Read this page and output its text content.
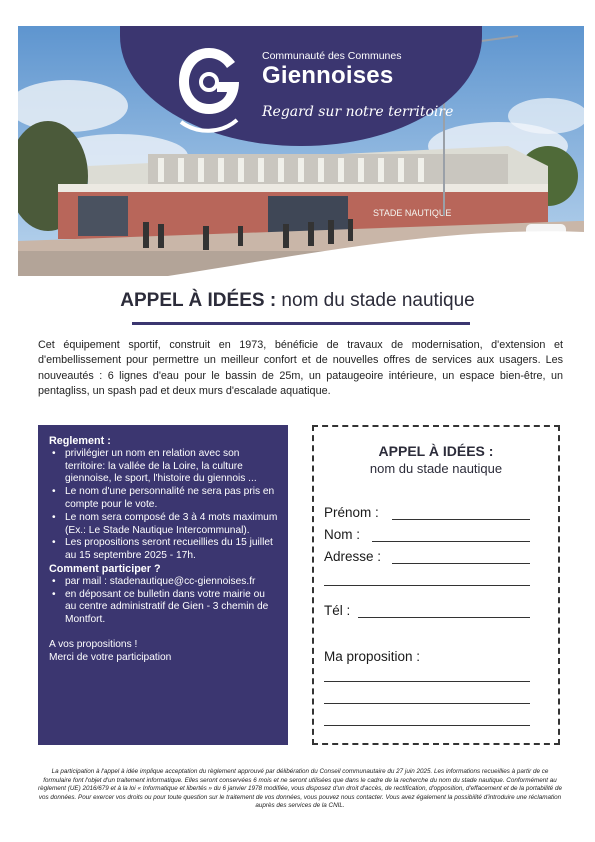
STADE NAUTIQUE
Communauté des Communes
Giennoises
Regard sur notre territoire
APPEL À IDÉES : nom du stade nautique

Cet équipement sportif, construit en 1973, bénéficie de travaux de modernisation, d'extension et d'embellissement pour permettre un meilleur confort et de nouvelles offres de services aux usagers. Les nouveautés : 6 lignes d'eau pour le bassin de 25m, un pataugeoire intérieure, un espace bien-être, un pentagliss, un spash pad et deux murs d'escalade aquatique.

Reglement :
• privilégier un nom en relation avec son territoire: la vallée de la Loire, la culture giennoise, le sport, l'histoire du giennois ...
• Le nom d'une personnalité ne sera pas pris en compte pour le vote.
• Le nom sera composé de 3 à 4 mots maximum (Ex.: Le Stade Nautique Intercommunal).
• Les propositions seront recueillies du 15 juillet au 15 septembre 2025 - 17h.
Comment participer ?
• par mail : stadenautique@cc-giennoises.fr
• en déposant ce bulletin dans votre mairie ou au centre administratif de Gien - 3 chemin de Montfort.

A vos propositions !

Merci de votre participation

APPEL À IDÉES :
nom du stade nautique
Prénom :
Nom :
Adresse :
Tél :
Ma proposition :

La participation à l'appel à idée implique acceptation du règlement approuvé par délibération du Conseil communautaire du 27 juin 2025. Les informations recueillies à partir de ce formulaire font l'objet d'un traitement informatique. Elles seront conservées 6 mois et ne seront utilisées que dans le cadre de la recherche du nom du stade nautique. Conformément au règlement (UE) 2016/679 et à la loi « Informatique et libertés » du 6 janvier 1978 modifiée, vous disposez d'un droit d'accès, de rectification, d'opposition, d'effacement et de la portabilité de vos données. Pour exercer vos droits ou pour toute question sur le traitement de vos données, vous pouvez nous contacter. Vous avez également la possibilité d'introduire une réclamation auprès des services de la CNIL.
